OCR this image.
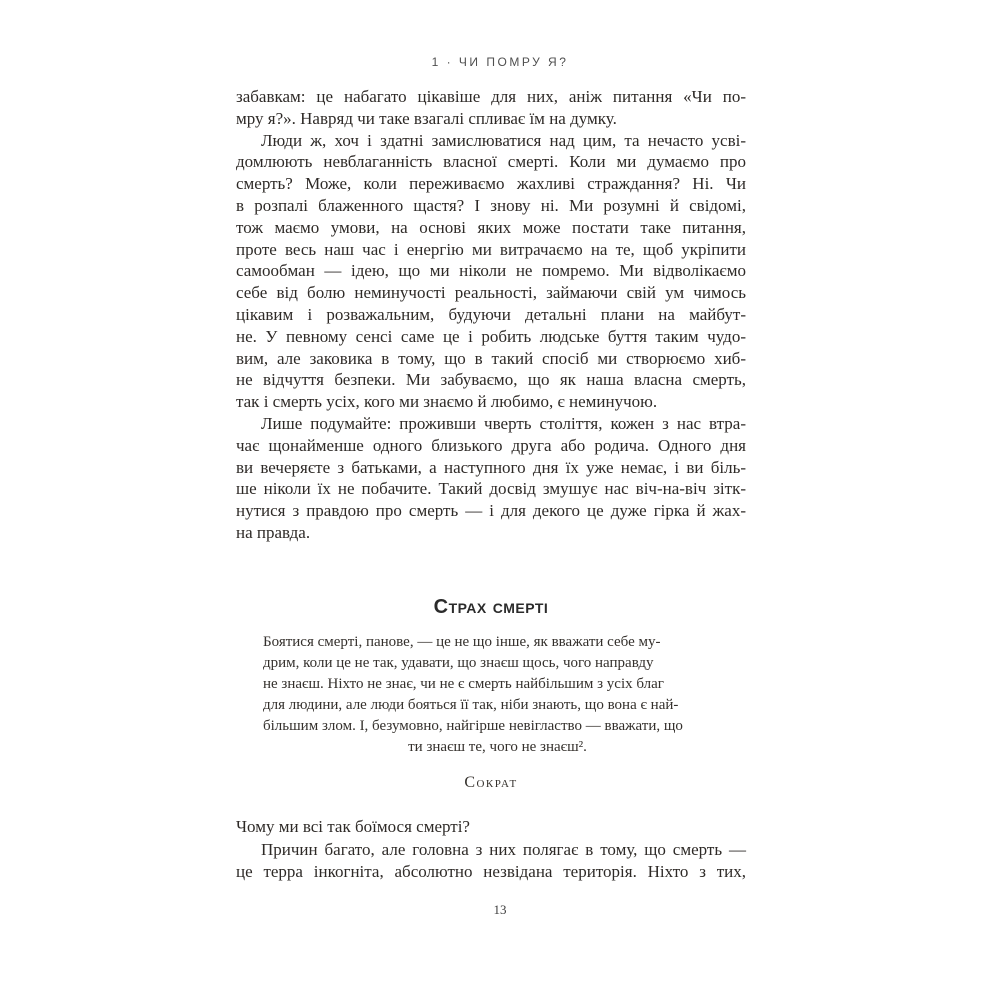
1 · ЧИ ПОМРУ Я?
забавкам: це набагато цікавіше для них, аніж питання «Чи по-
мру я?». Навряд чи таке взагалі спливає їм на думку.
Люди ж, хоч і здатні замислюватися над цим, та нечасто усві-
домлюють невблаганність власної смерті. Коли ми думаємо про
смерть? Може, коли переживаємо жахливі страждання? Ні. Чи
в розпалі блаженного щастя? І знову ні. Ми розумні й свідомі,
тож маємо умови, на основі яких може постати таке питання,
проте весь наш час і енергію ми витрачаємо на те, щоб укріпити
самообман — ідею, що ми ніколи не помремо. Ми відволікаємо
себе від болю неминучості реальності, займаючи свій ум чимось
цікавим і розважальним, будуючи детальні плани на майбут-
не. У певному сенсі саме це і робить людське буття таким чудо-
вим, але заковика в тому, що в такий спосіб ми створюємо хиб-
не відчуття безпеки. Ми забуваємо, що як наша власна смерть,
так і смерть усіх, кого ми знаємо й любимо, є неминучою.
Лише подумайте: проживши чверть століття, кожен з нас втра-
чає щонайменше одного близького друга або родича. Одного дня
ви вечеряєте з батьками, а наступного дня їх уже немає, і ви біль-
ше ніколи їх не побачите. Такий досвід змушує нас віч-на-віч зітк-
нутися з правдою про смерть — і для декого це дуже гірка й жах-
на правда.
Страх смерті
Боятися смерті, панове, — це не що інше, як вважати себе му-
дрим, коли це не так, удавати, що знаєш щось, чого направду
не знаєш. Ніхто не знає, чи не є смерть найбільшим з усіх благ
для людини, але люди бояться її так, ніби знають, що вона є най-
більшим злом. І, безумовно, найгірше невігластво — вважати, що
ти знаєш те, чого не знаєш².
Сократ
Чому ми всі так боїмося смерті?
Причин багато, але головна з них полягає в тому, що смерть —
це терра інкогніта, абсолютно незвідана територія. Ніхто з тих,
13
